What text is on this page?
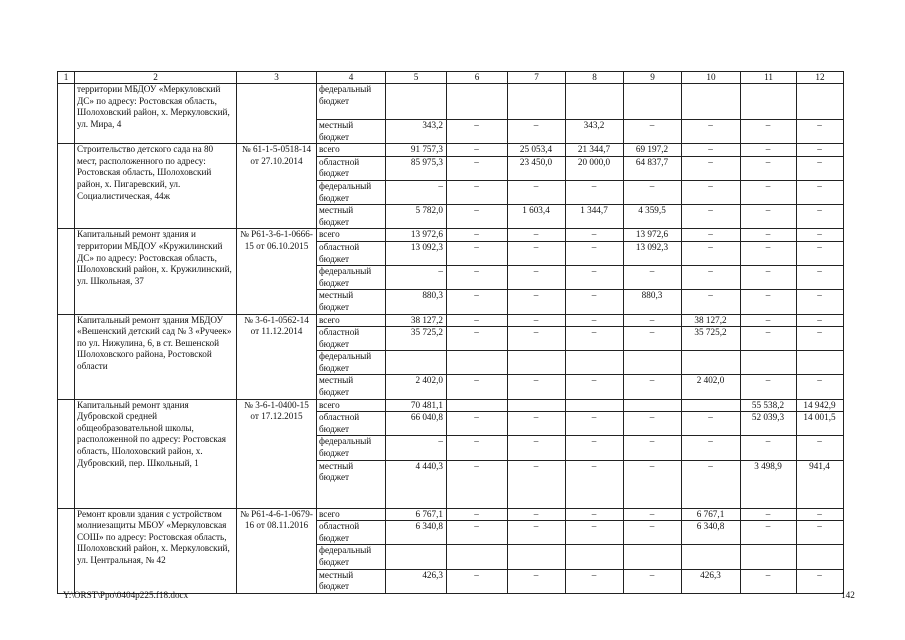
1	2	3	4	5	6	7	8	9	10	11	12
	территории МБДОУ «Меркуловский ДС» по адресу: Ростовская область, Шолоховский район, х. Меркуловский, ул. Мира, 4		федеральный бюджет								
			местный бюджет	343,2	–	–	343,2	–	–	–	–
	Строительство детского сада на 80 мест, расположенного по адресу: Ростовская область, Шолоховский район, х. Пигаревский, ул. Социалистическая, 44ж	№ 61-1-5-0518-14 от 27.10.2014	всего	91 757,3	–	25 053,4	21 344,7	69 197,2	–	–	–
			областной бюджет	85 975,3	–	23 450,0	20 000,0	64 837,7	–	–	–
			федеральный бюджет	–	–	–	–	–	–	–	–
			местный бюджет	5 782,0	–	1 603,4	1 344,7	4 359,5	–	–	–
	Капитальный ремонт здания и территории МБДОУ «Кружилинский ДС» по адресу: Ростовская область, Шолоховский район, х. Кружилинский, ул. Школьная, 37	№ Р61-3-6-1-0666-15 от 06.10.2015	всего	13 972,6	–	–	–	13 972,6	–	–	–
			областной бюджет	13 092,3	–	–	–	13 092,3	–	–	–
			федеральный бюджет	–	–	–	–	–	–	–	–
			местный бюджет	880,3	–	–	–	880,3	–	–	–
	Капитальный ремонт здания МБДОУ «Вешенский детский сад № 3 «Ручеек» по ул. Нижулина, 6, в ст. Вешенской Шолоховского района, Ростовской области	№ 3-6-1-0562-14 от 11.12.2014	всего	38 127,2	–	–	–	–	38 127,2	–	–
			областной бюджет	35 725,2	–	–	–	–	35 725,2	–	–
			федеральный бюджет								
			местный бюджет	2 402,0	–	–	–	–	2 402,0	–	–
	Капитальный ремонт здания Дубровской средней общеобразовательной школы, расположенной по адресу: Ростовская область, Шолоховский район, х. Дубровский, пер. Школьный, 1	№ 3-6-1-0400-15 от 17.12.2015	всего	70 481,1						55 538,2	14 942,9
			областной бюджет	66 040,8	–	–	–	–	–	52 039,3	14 001,5
			федеральный бюджет	–	–	–	–	–	–	–	–
			местный бюджет	4 440,3	–	–	–	–	–	3 498,9	941,4
	Ремонт кровли здания с устройством молниезащиты МБОУ «Меркуловская СОШ» по адресу: Ростовская область, Шолоховский район, х. Меркуловский, ул. Центральная, № 42	№ Р61-4-6-1-0679-16 от 08.11.2016	всего	6 767,1	–	–	–	–	6 767,1	–	–
			областной бюджет	6 340,8	–	–	–	–	6 340,8	–	–
			федеральный бюджет								
			местный бюджет	426,3	–	–	–	–	426,3	–	–
Y:\ORST\Ppo\0404p225.f18.docx	142
